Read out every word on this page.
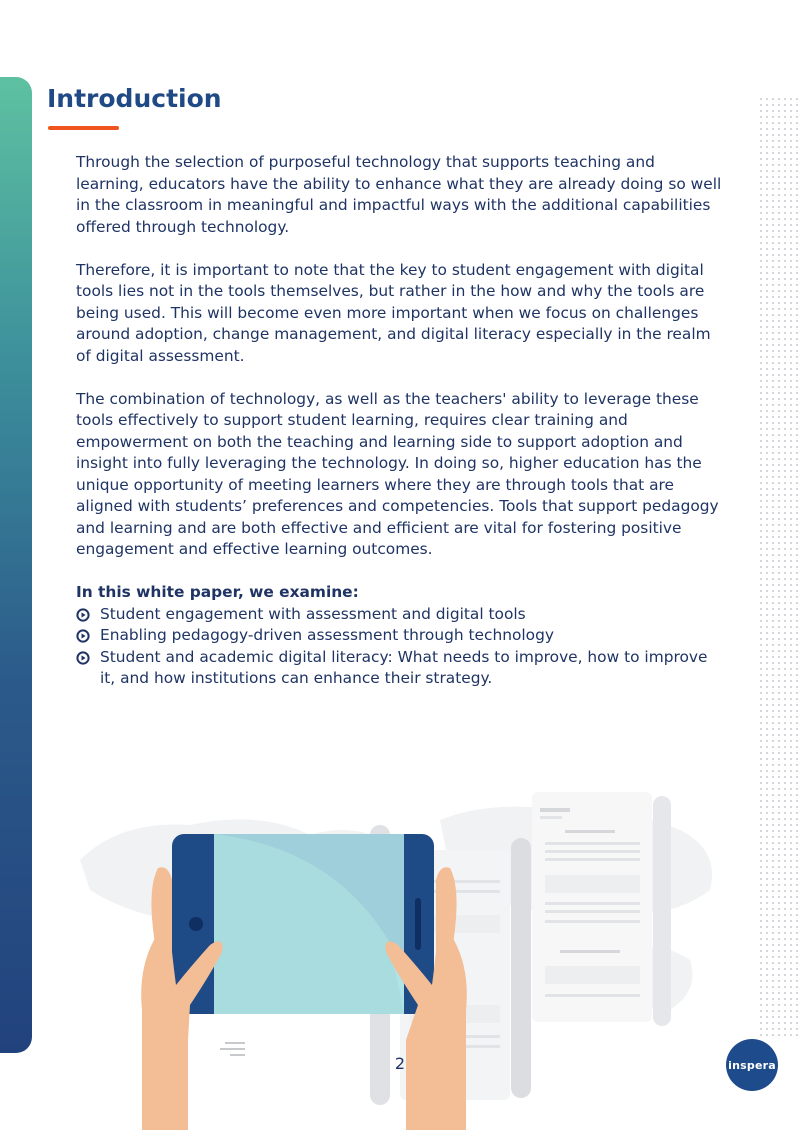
Introduction

Through the selection of purposeful technology that supports teaching and learning, educators have the ability to enhance what they are already doing so well in the classroom in meaningful and impactful ways with the additional capabilities offered through technology.

Therefore, it is important to note that the key to student engagement with digital tools lies not in the tools themselves, but rather in the how and why the tools are being used. This will become even more important when we focus on challenges around adoption, change management, and digital literacy especially in the realm of digital assessment.

The combination of technology, as well as the teachers' ability to leverage these tools effectively to support student learning, requires clear training and empowerment on both the teaching and learning side to support adoption and insight into fully leveraging the technology. In doing so, higher education has the unique opportunity of meeting learners where they are through tools that are aligned with students’ preferences and competencies. Tools that support pedagogy and learning and are both effective and efficient are vital for fostering positive engagement and effective learning outcomes.

In this white paper, we examine:
Student engagement with assessment and digital tools
Enabling pedagogy-driven assessment through technology
Student and academic digital literacy: What needs to improve, how to improve it, and how institutions can enhance their strategy.
2	inspera
